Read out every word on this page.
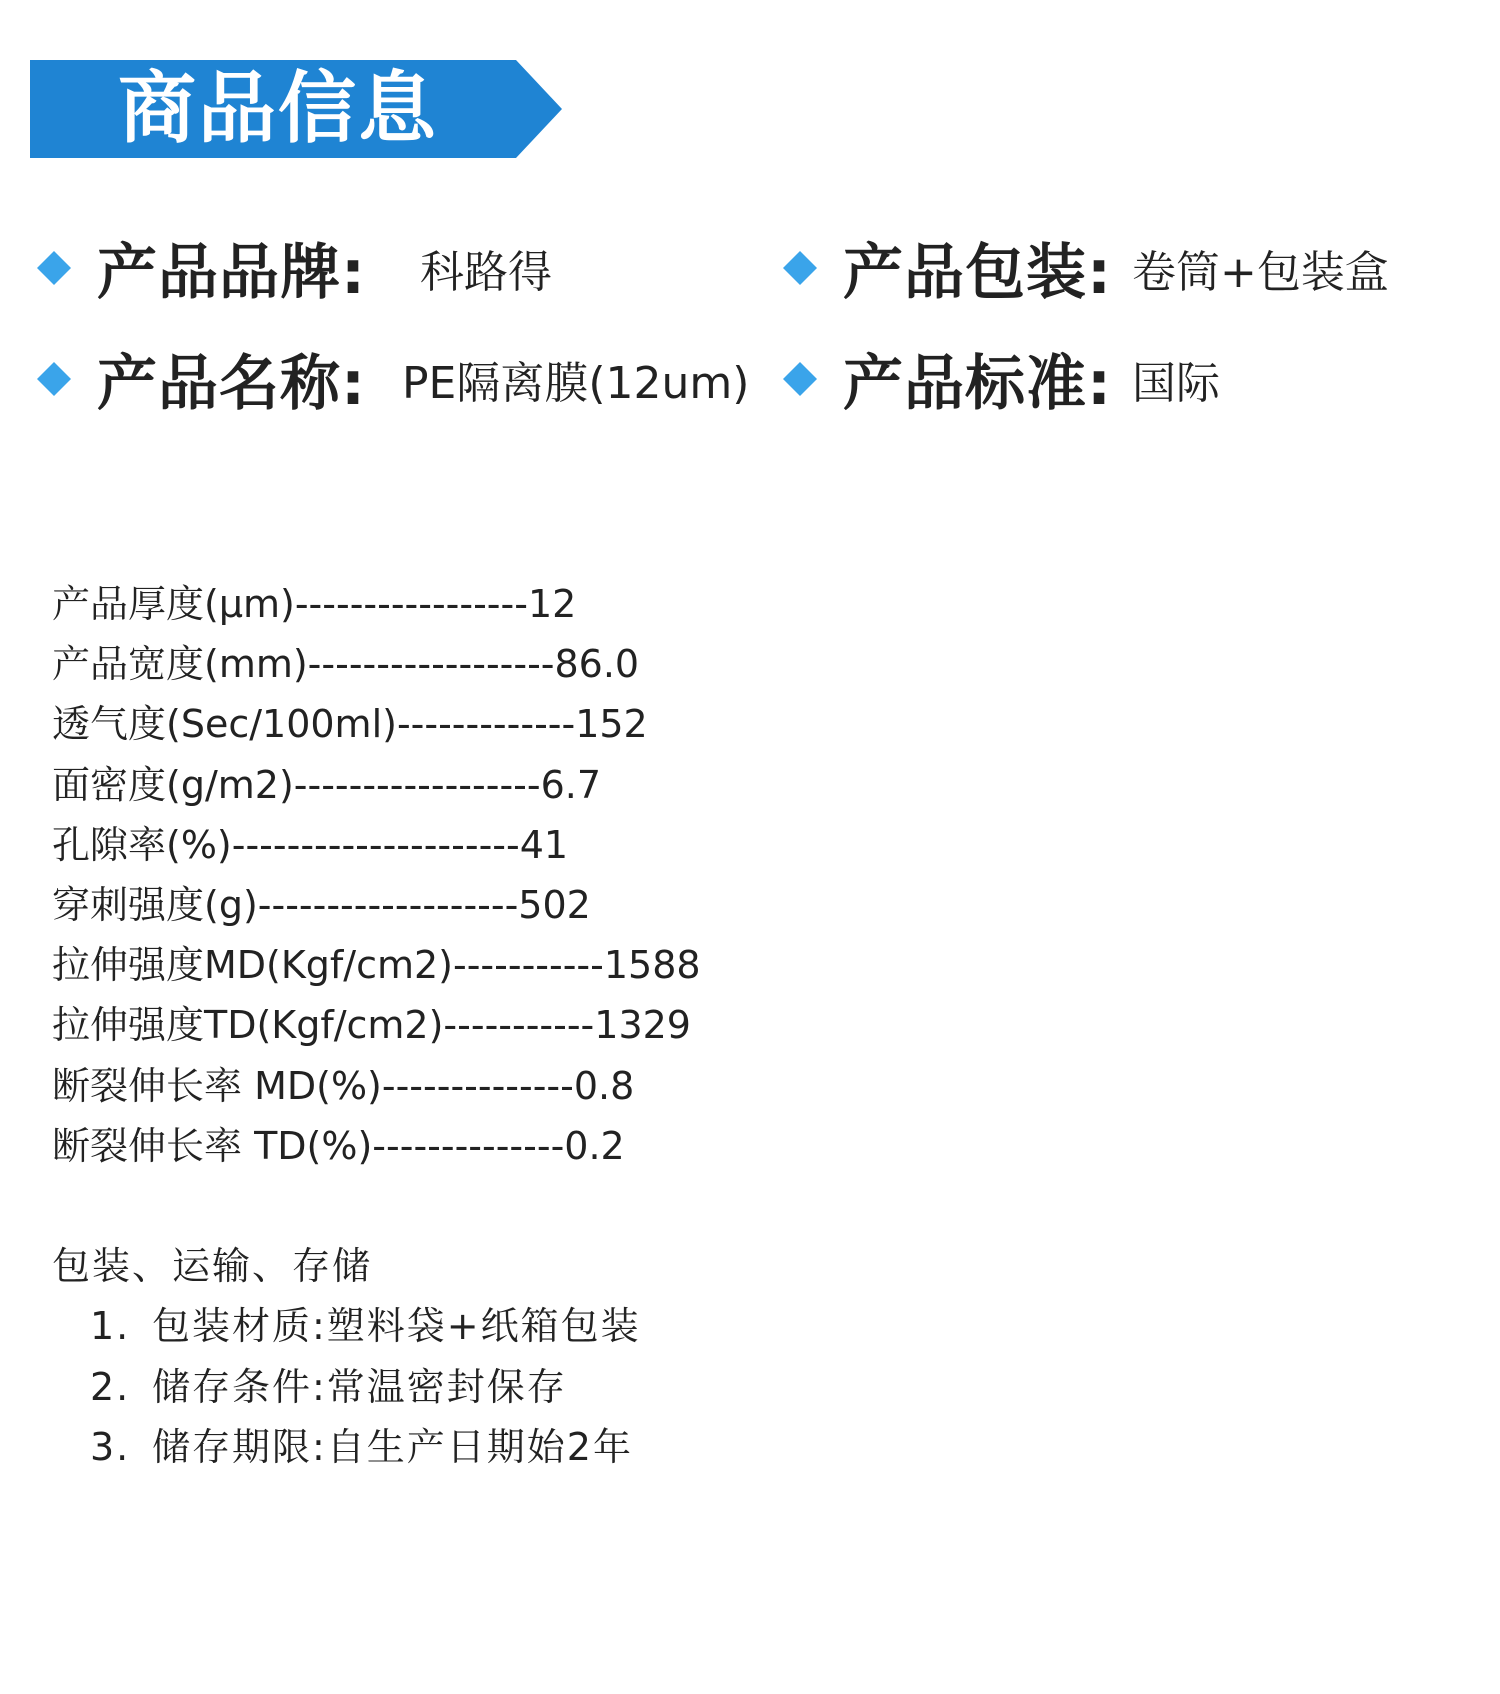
商品信息
产品品牌: 科路得	产品包装: 卷筒+包装盒
产品名称: PE隔离膜(12um) 产品标准: 国际
产品厚度(μm)-----------------12
产品宽度(mm)------------------86.0
透气度(Sec/100ml)-------------152
面密度(g/m2)------------------6.7
孔隙率(%)---------------------41
穿刺强度(g)-------------------502
拉伸强度MD(Kgf/cm2)-----------1588
拉伸强度TD(Kgf/cm2)-----------1329
断裂伸长率 MD(%)--------------0.8
断裂伸长率 TD(%)--------------0.2
包装、运输、存储
1. 包装材质:塑料袋+纸箱包装
2. 储存条件:常温密封保存
3. 储存期限:自生产日期始2年
